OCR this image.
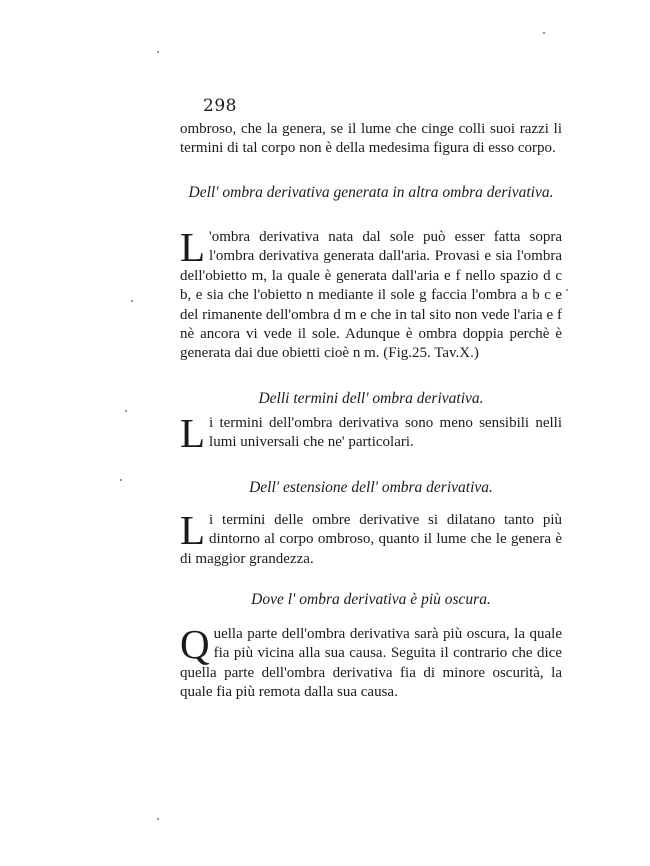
298

ombroso, che la genera, se il lume che cinge colli suoi razzi li termini di tal corpo non è della medesima figura di esso corpo.

Dell' ombra derivativa generata in altra ombra derivativa.
L 'ombra derivativa nata dal sole può esser fatta sopra l'ombra derivativa generata dall'aria. Provasi e sia l'ombra dell'obietto m, la quale è generata dall'aria e f nello spazio d c b, e sia che l'obietto n mediante il sole g faccia l'ombra a b c e del rimanente dell'ombra d m e che in tal sito non vede l'aria e f nè ancora vi vede il sole. Adunque è ombra doppia perchè è generata dai due obietti cioè n m. (Fig.25. Tav.X.)

Delli termini dell' ombra derivativa.
L i termini dell'ombra derivativa sono meno sensibili nelli lumi universali che ne' particolari.

Dell' estensione dell' ombra derivativa.
L i termini delle ombre derivative si dilatano tanto più dintorno al corpo ombroso, quanto il lume che le genera è di maggior grandezza.

Dove l' ombra derivativa è più oscura.
Q uella parte dell'ombra derivativa sarà più oscura, la quale fia più vicina alla sua causa. Seguita il contrario che dice quella parte dell'ombra derivativa fia di minore oscurità, la quale fia più remota dalla sua causa.
